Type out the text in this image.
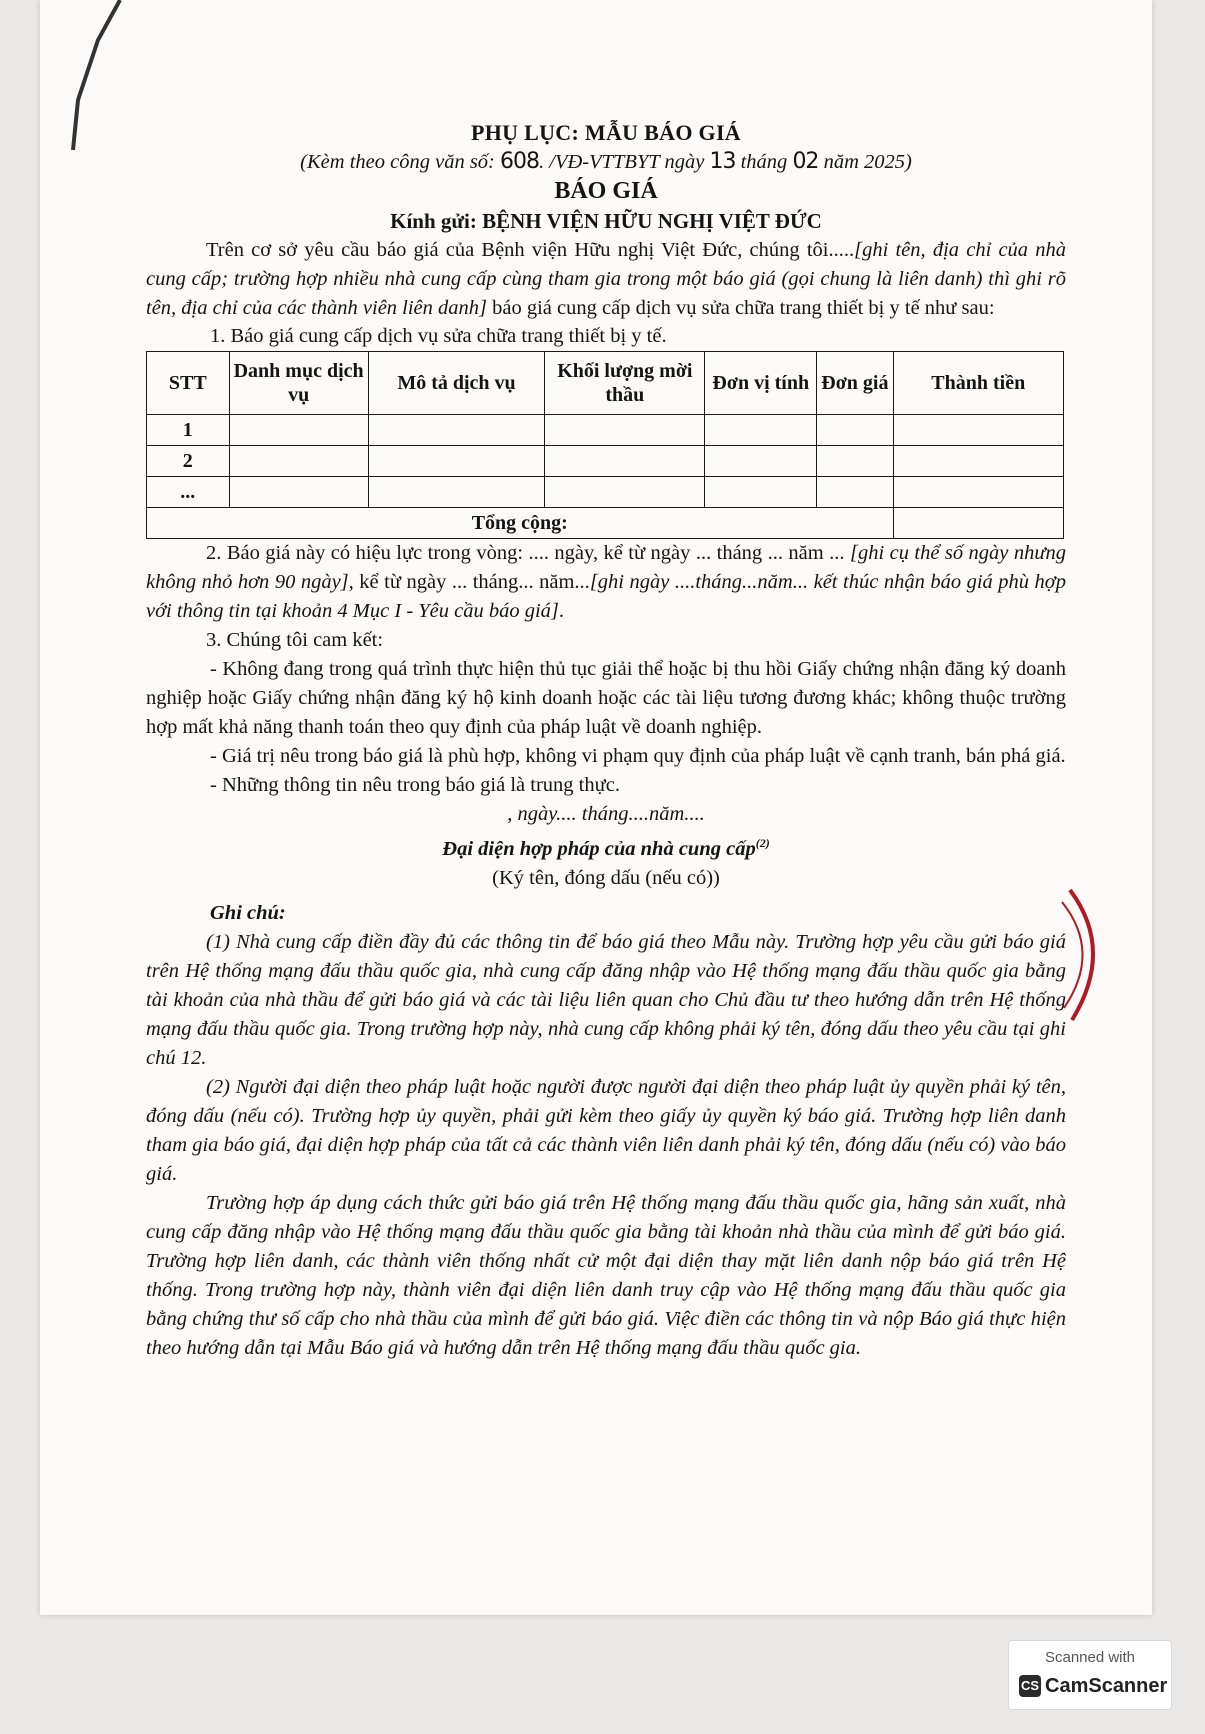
PHỤ LỤC: MẪU BÁO GIÁ
(Kèm theo công văn số: 608. /VĐ-VTTBYT ngày 13 tháng 02 năm 2025)
BÁO GIÁ
Kính gửi: BỆNH VIỆN HỮU NGHỊ VIỆT ĐỨC

Trên cơ sở yêu cầu báo giá của Bệnh viện Hữu nghị Việt Đức, chúng tôi.....[ghi tên, địa chỉ của nhà cung cấp; trường hợp nhiều nhà cung cấp cùng tham gia trong một báo giá (gọi chung là liên danh) thì ghi rõ tên, địa chỉ của các thành viên liên danh] báo giá cung cấp dịch vụ sửa chữa trang thiết bị y tế như sau:

1. Báo giá cung cấp dịch vụ sửa chữa trang thiết bị y tế.
STT	Danh mục dịch vụ	Mô tả dịch vụ	Khối lượng mời thầu	Đơn vị tính	Đơn giá	Thành tiền
1						
2						
...						
Tổng cộng:						

2. Báo giá này có hiệu lực trong vòng: .... ngày, kể từ ngày ... tháng ... năm ... [ghi cụ thể số ngày nhưng không nhỏ hơn 90 ngày], kể từ ngày ... tháng... năm...[ghi ngày ....tháng...năm... kết thúc nhận báo giá phù hợp với thông tin tại khoản 4 Mục I - Yêu cầu báo giá].

3. Chúng tôi cam kết:

- Không đang trong quá trình thực hiện thủ tục giải thể hoặc bị thu hồi Giấy chứng nhận đăng ký doanh nghiệp hoặc Giấy chứng nhận đăng ký hộ kinh doanh hoặc các tài liệu tương đương khác; không thuộc trường hợp mất khả năng thanh toán theo quy định của pháp luật về doanh nghiệp.

- Giá trị nêu trong báo giá là phù hợp, không vi phạm quy định của pháp luật về cạnh tranh, bán phá giá.

- Những thông tin nêu trong báo giá là trung thực.

, ngày.... tháng....năm....
Đại diện hợp pháp của nhà cung cấp$^{(2)}$
(Ký tên, đóng dấu (nếu có))
Ghi chú:

(1) Nhà cung cấp điền đầy đủ các thông tin để báo giá theo Mẫu này. Trường hợp yêu cầu gửi báo giá trên Hệ thống mạng đấu thầu quốc gia, nhà cung cấp đăng nhập vào Hệ thống mạng đấu thầu quốc gia bằng tài khoản của nhà thầu để gửi báo giá và các tài liệu liên quan cho Chủ đầu tư theo hướng dẫn trên Hệ thống mạng đấu thầu quốc gia. Trong trường hợp này, nhà cung cấp không phải ký tên, đóng dấu theo yêu cầu tại ghi chú 12.

(2) Người đại diện theo pháp luật hoặc người được người đại diện theo pháp luật ủy quyền phải ký tên, đóng dấu (nếu có). Trường hợp ủy quyền, phải gửi kèm theo giấy ủy quyền ký báo giá. Trường hợp liên danh tham gia báo giá, đại diện hợp pháp của tất cả các thành viên liên danh phải ký tên, đóng dấu (nếu có) vào báo giá.

Trường hợp áp dụng cách thức gửi báo giá trên Hệ thống mạng đấu thầu quốc gia, hãng sản xuất, nhà cung cấp đăng nhập vào Hệ thống mạng đấu thầu quốc gia bằng tài khoản nhà thầu của mình để gửi báo giá. Trường hợp liên danh, các thành viên thống nhất cử một đại diện thay mặt liên danh nộp báo giá trên Hệ thống. Trong trường hợp này, thành viên đại diện liên danh truy cập vào Hệ thống mạng đấu thầu quốc gia bằng chứng thư số cấp cho nhà thầu của mình để gửi báo giá. Việc điền các thông tin và nộp Báo giá thực hiện theo hướng dẫn tại Mẫu Báo giá và hướng dẫn trên Hệ thống mạng đấu thầu quốc gia.

Scanned with
CS CamScanner
